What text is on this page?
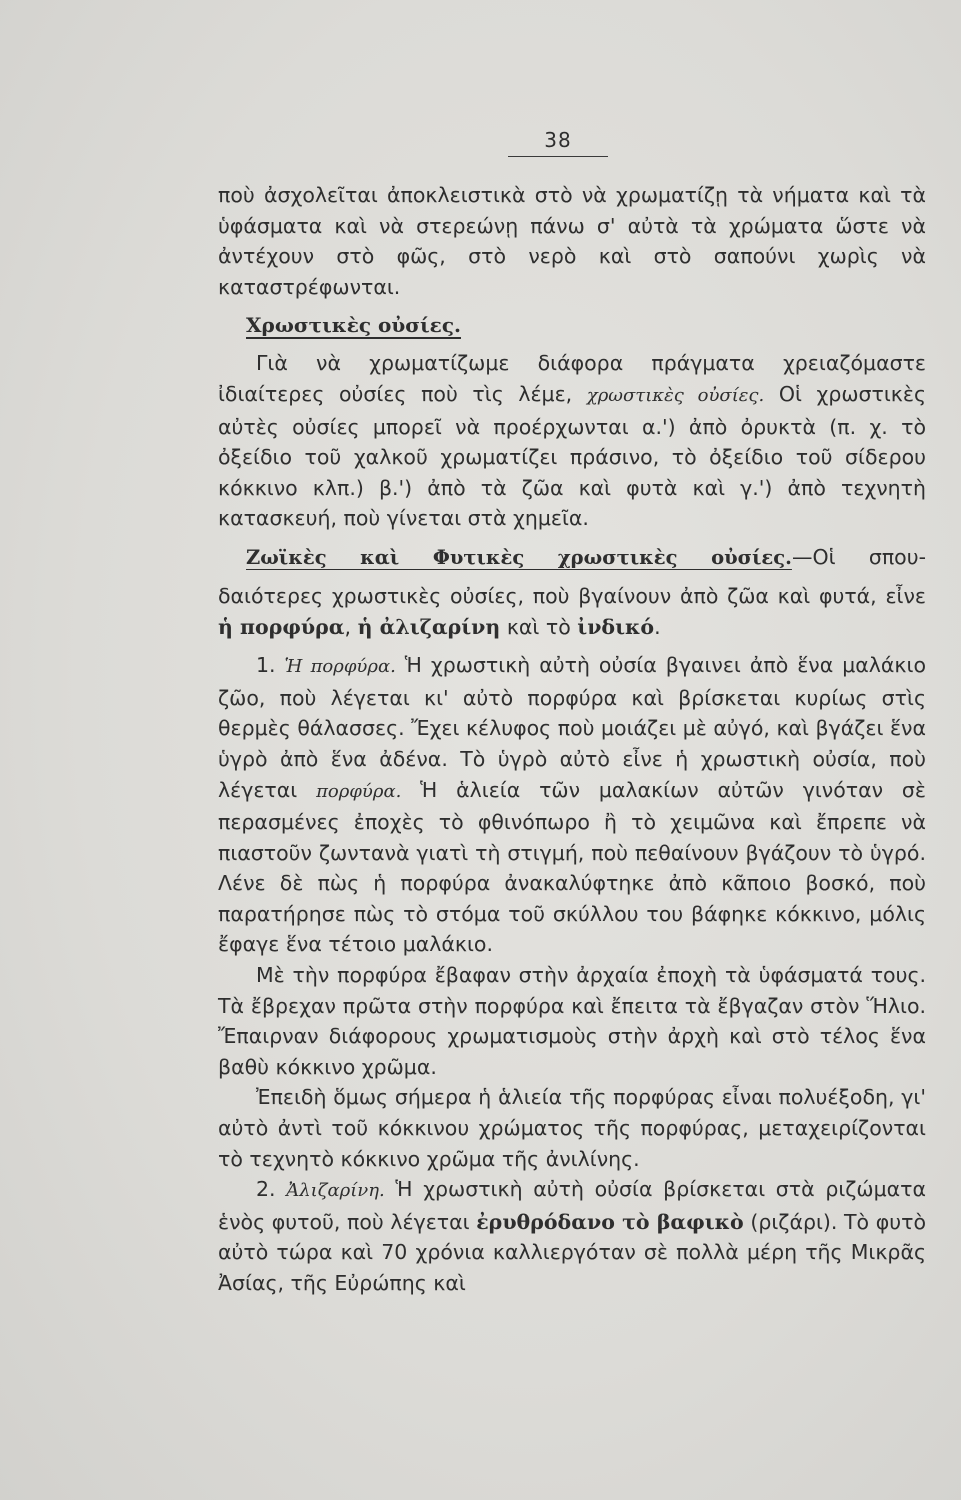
38

ποὺ ἀσχολεῖται ἀποκλειστικὰ στὸ νὰ χρωματίζῃ τὰ νήματα καὶ τὰ ὑφάσματα καὶ νὰ στερεώνῃ πάνω σ' αὐτὰ τὰ χρώματα ὥστε νὰ ἀντέχουν στὸ φῶς, στὸ νερὸ καὶ στὸ σαπούνι χωρὶς νὰ καταστρέφωνται.

Χρωστικὲς οὐσίες.

Γιὰ νὰ χρωματίζωμε διάφορα πράγματα χρειαζόμαστε ἰδιαίτερες οὐσίες ποὺ τὶς λέμε, χρωστικὲς οὐσίες. Οἱ χρωστικὲς αὐτὲς οὐσίες μπορεῖ νὰ προέρχωνται α.') ἀπὸ ὀρυκτὰ (π. χ. τὸ ὀξείδιο τοῦ χαλκοῦ χρωματίζει πράσινο, τὸ ὀξείδιο τοῦ σίδερου κόκκινο κλπ.) β.') ἀπὸ τὰ ζῶα καὶ φυτὰ καὶ γ.') ἀπὸ τεχνητὴ κατασκευή, ποὺ γίνεται στὰ χημεῖα.

Ζωϊκὲς καὶ Φυτικὲς χρωστικὲς οὐσίες.—Οἱ σπου-

δαιότερες χρωστικὲς οὐσίες, ποὺ βγαίνουν ἀπὸ ζῶα καὶ φυτά, εἶνε ἡ πορφύρα, ἡ ἀλιζαρίνη καὶ τὸ ἰνδικό.

1. Ἡ πορφύρα. Ἡ χρωστικὴ αὐτὴ οὐσία βγαινει ἀπὸ ἕνα μαλάκιο ζῶο, ποὺ λέγεται κι' αὐτὸ πορφύρα καὶ βρίσκεται κυρίως στὶς θερμὲς θάλασσες. Ἔχει κέλυφος ποὺ μοιάζει μὲ αὐγό, καὶ βγάζει ἕνα ὑγρὸ ἀπὸ ἕνα ἀδένα. Τὸ ὑγρὸ αὐτὸ εἶνε ἡ χρωστικὴ οὐσία, ποὺ λέγεται πορφύρα. Ἡ ἁλιεία τῶν μαλακίων αὐτῶν γινόταν σὲ περασμένες ἐποχὲς τὸ φθινόπωρο ἢ τὸ χειμῶνα καὶ ἔπρεπε νὰ πιαστοῦν ζωντανὰ γιατὶ τὴ στιγμή, ποὺ πεθαίνουν βγάζουν τὸ ὑγρό. Λένε δὲ πὼς ἡ πορφύρα ἀνακαλύφτηκε ἀπὸ κᾶποιο βοσκό, ποὺ παρατήρησε πὼς τὸ στόμα τοῦ σκύλλου του βάφηκε κόκκινο, μόλις ἔφαγε ἕνα τέτοιο μαλάκιο.

Μὲ τὴν πορφύρα ἔβαφαν στὴν ἀρχαία ἐποχὴ τὰ ὑφάσματά τους. Τὰ ἔβρεχαν πρῶτα στὴν πορφύρα καὶ ἔπειτα τὰ ἔβγαζαν στὸν Ἥλιο. Ἔπαιρναν διάφορους χρωματισμοὺς στὴν ἀρχὴ καὶ στὸ τέλος ἕνα βαθὺ κόκκινο χρῶμα.

Ἐπειδὴ ὅμως σήμερα ἡ ἁλιεία τῆς πορφύρας εἶναι πολυέξοδη, γι' αὐτὸ ἀντὶ τοῦ κόκκινου χρώματος τῆς πορφύρας, μεταχειρίζονται τὸ τεχνητὸ κόκκινο χρῶμα τῆς ἀνιλίνης.

2. Ἀλιζαρίνη. Ἡ χρωστικὴ αὐτὴ οὐσία βρίσκεται στὰ ριζώματα ἑνὸς φυτοῦ, ποὺ λέγεται ἐρυθρόδανο τὸ βαφικὸ (ριζάρι). Τὸ φυτὸ αὐτὸ τώρα καὶ 70 χρόνια καλλιεργόταν σὲ πολλὰ μέρη τῆς Μικρᾶς Ἀσίας, τῆς Εὐρώπης καὶ
